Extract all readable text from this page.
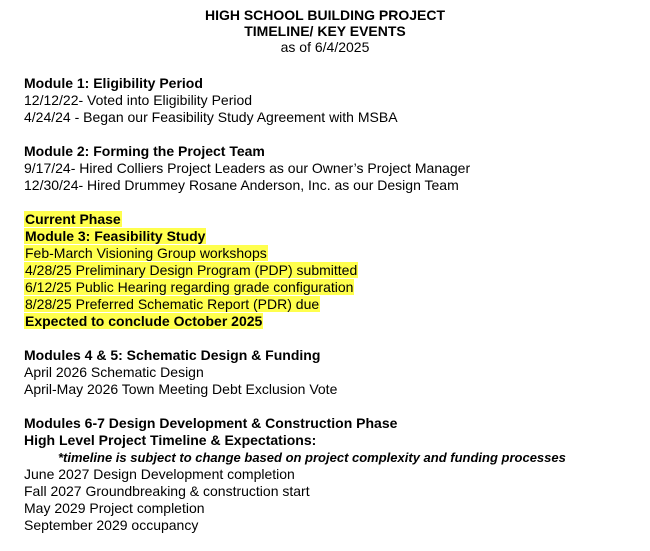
HIGH SCHOOL BUILDING PROJECT
TIMELINE/ KEY EVENTS
as of 6/4/2025
Module 1: Eligibility Period
12/12/22- Voted into Eligibility Period
4/24/24 - Began our Feasibility Study Agreement with MSBA
Module 2: Forming the Project Team
9/17/24- Hired Colliers Project Leaders as our Owner’s Project Manager
12/30/24- Hired Drummey Rosane Anderson, Inc. as our Design Team
Current Phase
Module 3: Feasibility Study
Feb-March Visioning Group workshops
4/28/25 Preliminary Design Program (PDP) submitted
6/12/25 Public Hearing regarding grade configuration
8/28/25 Preferred Schematic Report (PDR) due
Expected to conclude October 2025
Modules 4 & 5: Schematic Design & Funding
April 2026 Schematic Design
April-May 2026 Town Meeting Debt Exclusion Vote
Modules 6-7 Design Development & Construction Phase
High Level Project Timeline & Expectations:
*timeline is subject to change based on project complexity and funding processes
June 2027 Design Development completion
Fall 2027 Groundbreaking & construction start
May 2029 Project completion
September 2029 occupancy
